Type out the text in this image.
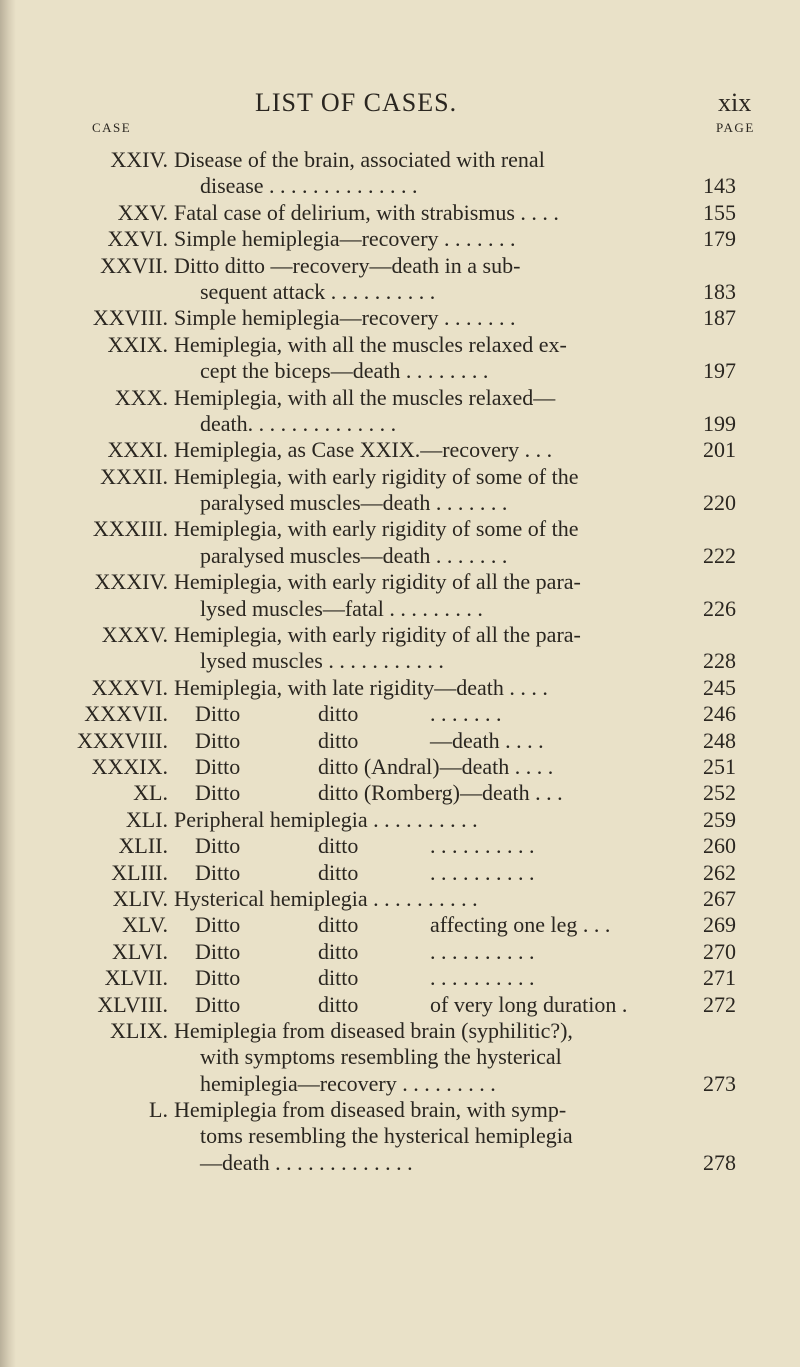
LIST OF CASES.	xix
CASE	PAGE
XXIV. Disease of the brain, associated with renal
disease . . . . . . . . . . . . . .	143
XXV. Fatal case of delirium, with strabismus . . . .	155
XXVI. Simple hemiplegia—recovery . . . . . . .	179
XXVII. Ditto ditto —recovery—death in a sub-
sequent attack . . . . . . . . . .	183
XXVIII. Simple hemiplegia—recovery . . . . . . .	187
XXIX. Hemiplegia, with all the muscles relaxed ex-
cept the biceps—death . . . . . . . .	197
XXX. Hemiplegia, with all the muscles relaxed—
death. . . . . . . . . . . . . .	199
XXXI. Hemiplegia, as Case XXIX.—recovery . . .	201
XXXII. Hemiplegia, with early rigidity of some of the
paralysed muscles—death . . . . . . .	220
XXXIII. Hemiplegia, with early rigidity of some of the
paralysed muscles—death . . . . . . .	222
XXXIV. Hemiplegia, with early rigidity of all the para-
lysed muscles—fatal . . . . . . . . .	226
XXXV. Hemiplegia, with early rigidity of all the para-
lysed muscles . . . . . . . . . . .	228
XXXVI. Hemiplegia, with late rigidity—death . . . .	245
XXXVII. Ditto	ditto	. . . . . . .	246
XXXVIII. Ditto	ditto	—death . . . .	248
XXXIX. Ditto	ditto (Andral)—death . . . .	251
XL. Ditto	ditto (Romberg)—death . . .	252
XLI. Peripheral hemiplegia . . . . . . . . . .	259
XLII. Ditto	ditto	. . . . . . . . . .	260
XLIII. Ditto	ditto	. . . . . . . . . .	262
XLIV. Hysterical hemiplegia . . . . . . . . . .	267
XLV. Ditto	ditto	affecting one leg . . .	269
XLVI. Ditto	ditto	. . . . . . . . . .	270
XLVII. Ditto	ditto	. . . . . . . . . .	271
XLVIII. Ditto	ditto	of very long duration .	272
XLIX. Hemiplegia from diseased brain (syphilitic?),
with symptoms resembling the hysterical
hemiplegia—recovery . . . . . . . . .	273
L. Hemiplegia from diseased brain, with symp-
toms resembling the hysterical hemiplegia
—death . . . . . . . . . . . . .	278
